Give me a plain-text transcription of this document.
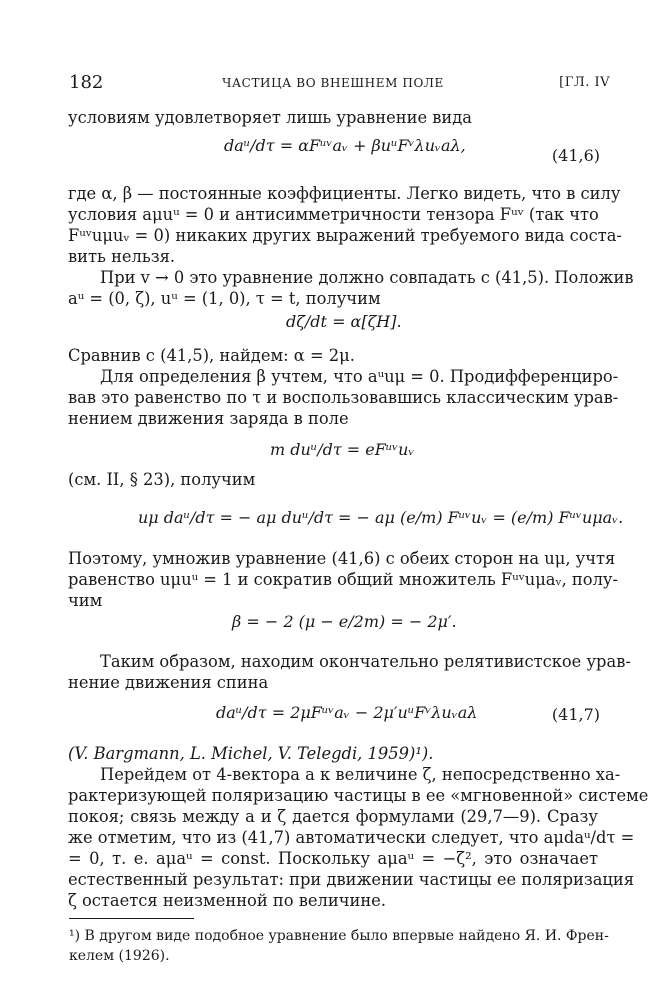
182	ЧАСТИЦА ВО ВНЕШНЕМ ПОЛЕ	[ГЛ. IV
условиям удовлетворяет лишь уравнение вида
daᵘ/dτ = αFᵘᵛaᵥ + βuᵘFᵛλuᵥaλ,
(41,6)
где α, β — постоянные коэффициенты. Легко видеть, что в силу
условия aμuᵘ = 0 и антисимметричности тензора Fᵘᵛ (так что
Fᵘᵛuμuᵥ = 0) никаких других выражений требуемого вида соста-
вить нельзя.
При v → 0 это уравнение должно совпадать с (41,5). Положив
aᵘ = (0, ζ), uᵘ = (1, 0), τ = t, получим
dζ/dt = α[ζH].
Сравнив с (41,5), найдем: α = 2μ.
Для определения β учтем, что aᵘuμ = 0. Продифференциро-
вав это равенство по τ и воспользовавшись классическим урав-
нением движения заряда в поле
m duᵘ/dτ = eFᵘᵛuᵥ
(см. II, § 23), получим
uμ daᵘ/dτ = − aμ duᵘ/dτ = − aμ (e/m) Fᵘᵛuᵥ = (e/m) Fᵘᵛuμaᵥ.
Поэтому, умножив уравнение (41,6) с обеих сторон на uμ, учтя
равенство uμuᵘ = 1 и сократив общий множитель Fᵘᵛuμaᵥ, полу-
чим
β = − 2 (μ − e/2m) = − 2μ′.
Таким образом, находим окончательно релятивистское урав-
нение движения спина
daᵘ/dτ = 2μFᵘᵛaᵥ − 2μ′uᵘFᵛλuᵥaλ	(41,7)
(V. Bargmann, L. Michel, V. Telegdi, 1959)¹).
Перейдем от 4-вектора a к величине ζ, непосредственно ха-
рактеризующей поляризацию частицы в ее «мгновенной» системе
покоя; связь между a и ζ дается формулами (29,7—9). Сразу
же отметим, что из (41,7) автоматически следует, что aμdaᵘ/dτ =
= 0, т. е. aμaᵘ = const. Поскольку aμaᵘ = −ζ², это означает
естественный результат: при движении частицы ее поляризация
ζ остается неизменной по величине.
¹) В другом виде подобное уравнение было впервые найдено Я. И. Френ-
келем (1926).
